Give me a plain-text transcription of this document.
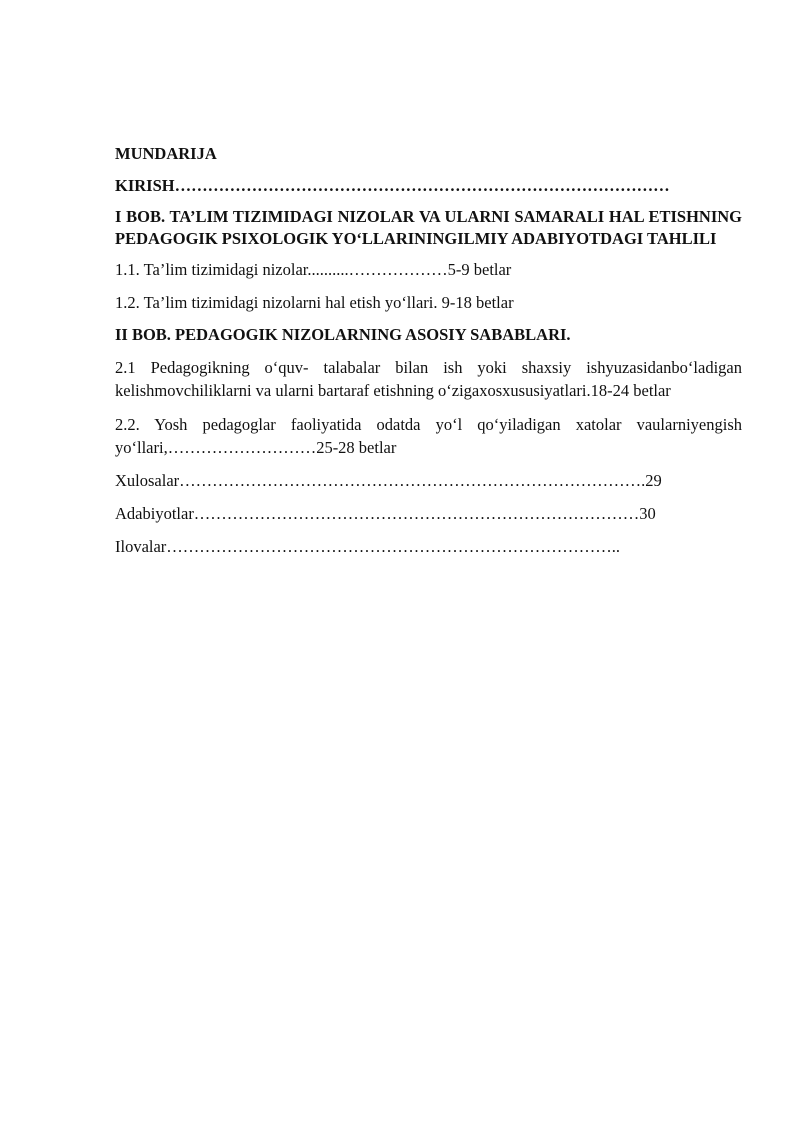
MUNDARIJA

KIRISH………………………………………………………………………………

I BOB. TA’LIM TIZIMIDAGI NIZOLAR VA ULARNI SAMARALI HAL ETISHNING PEDAGOGIK PSIXOLOGIK YO‘LLARININGILMIY ADABIYOTDAGI TAHLILI

1.1. Ta’lim tizimidagi nizolar..........………………5-9 betlar

1.2. Ta’lim tizimidagi nizolarni hal etish yo‘llari. 9-18 betlar

II BOB. PEDAGOGIK NIZOLARNING ASOSIY SABABLARI.

2.1 Pedagogikning o‘quv- talabalar bilan ish yoki shaxsiy ishyuzasidanbo‘ladigan kelishmovchiliklarni va ularni bartaraf etishning o‘zigaxosxususiyatlari.18-24 betlar

2.2. Yosh pedagoglar faoliyatida odatda yo‘l qo‘yiladigan xatolar vaularniyengish yo‘llari,………………………25-28 betlar

Xulosalar………………………………………………………………………….29

Adabiyotlar………………………………………………………………………30

Ilovalar………………………………………………………………………..
